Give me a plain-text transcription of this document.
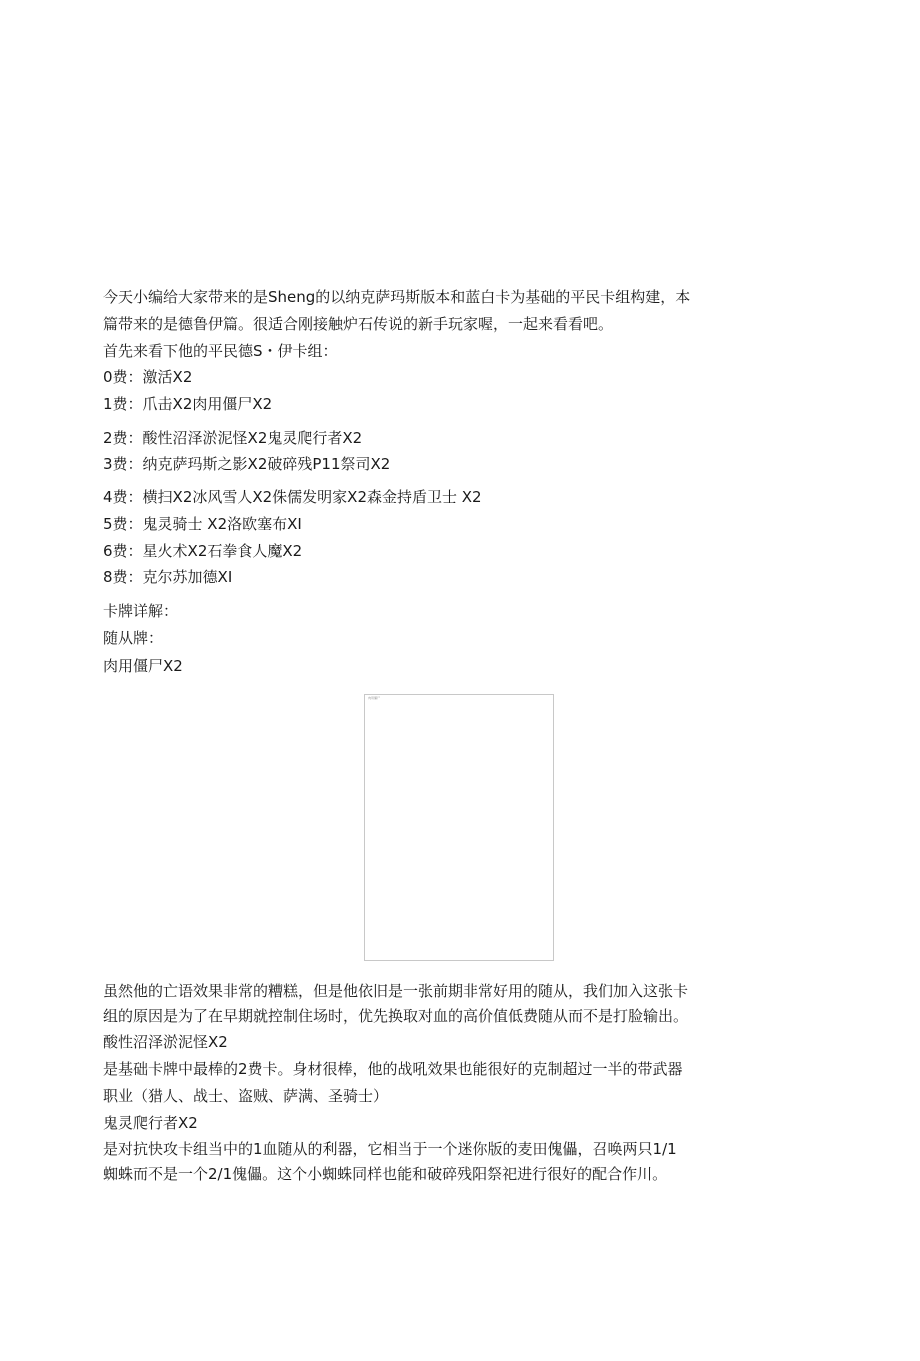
今天小编给大家带来的是Sheng的以纳克萨玛斯版本和蓝白卡为基础的平民卡组构建，本
篇带来的是德鲁伊篇。很适合刚接触炉石传说的新手玩家喔，一起来看看吧。
首先来看下他的平民德S・伊卡组：
0费：激活X2
1费：爪击X2肉用僵尸X2
2费：酸性沼泽淤泥怪X2鬼灵爬行者X2
3费：纳克萨玛斯之影X2破碎残P11祭司X2
4费：横扫X2冰风雪人X2侏儒发明家X2森金持盾卫士 X2
5费：鬼灵骑士 X2洛欧塞布XI
6费：星火术X2石拳食人魔X2
8费：克尔苏加德XI
卡牌详解：
随从牌：
肉用僵尸X2
肉用僵尸
虽然他的亡语效果非常的糟糕，但是他依旧是一张前期非常好用的随从，我们加入这张卡
组的原因是为了在早期就控制住场时，优先换取对血的高价值低费随从而不是打脸输出。
酸性沼泽淤泥怪X2
是基础卡牌中最棒的2费卡。身材很棒，他的战吼效果也能很好的克制超过一半的带武器
职业（猎人、战士、盗贼、萨满、圣骑士）
鬼灵爬行者X2
是对抗快攻卡组当中的1血随从的利器，它相当于一个迷你版的麦田傀儡，召唤两只1/1
蜘蛛而不是一个2/1傀儡。这个小蜘蛛同样也能和破碎残阳祭祀进行很好的配合作川。
